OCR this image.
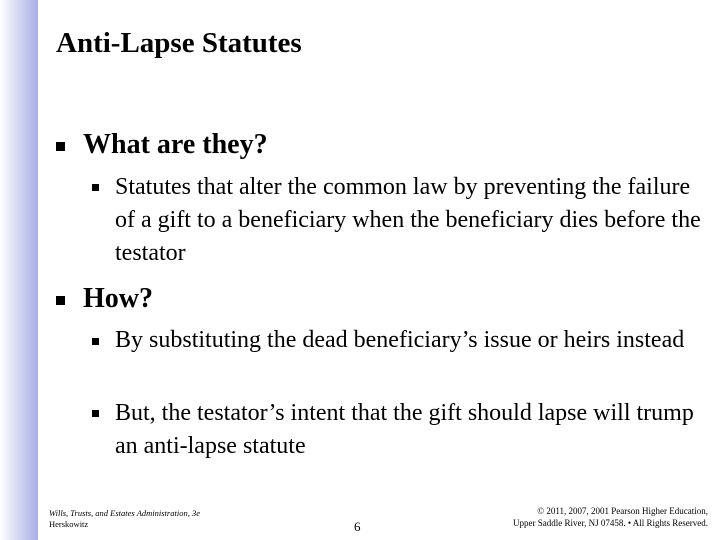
Anti-Lapse Statutes
What are they?
Statutes that alter the common law by preventing the failure of a gift to a beneficiary when the beneficiary dies before the testator
How?
By substituting the dead beneficiary’s issue or heirs instead
But, the testator’s intent that the gift should lapse will trump an anti-lapse statute
Wills, Trusts, and Estates Administration, 3e
Herskowitz	6
© 2011, 2007, 2001 Pearson Higher Education,
Upper Saddle River, NJ 07458. • All Rights Reserved.
